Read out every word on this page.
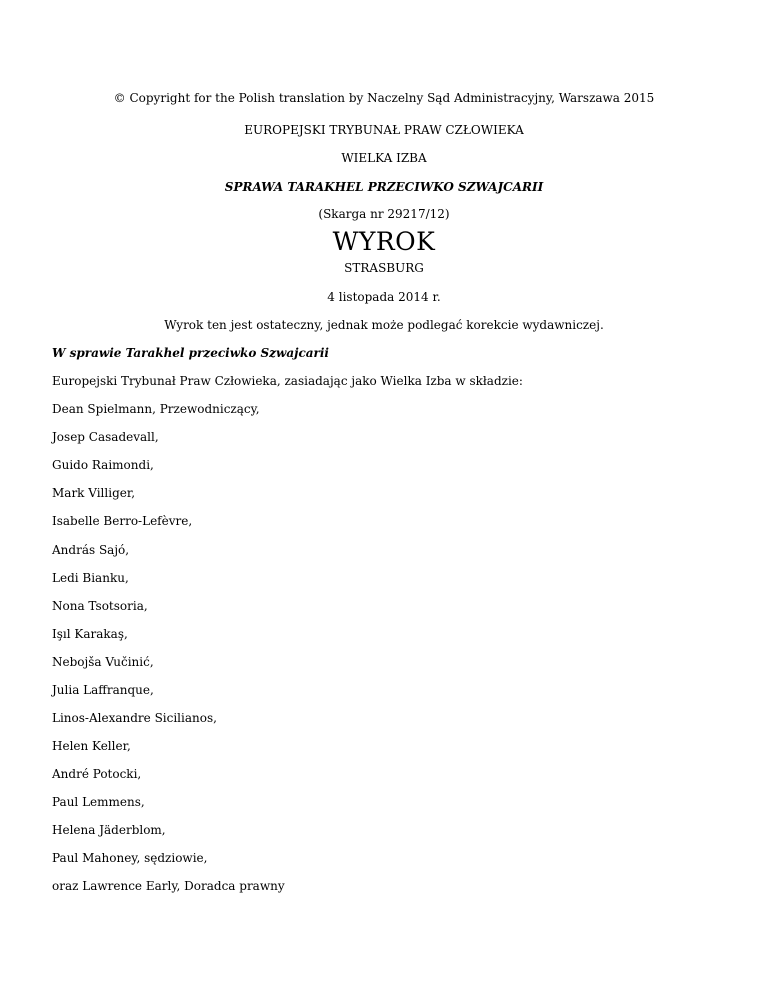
© Copyright for the Polish translation by Naczelny Sąd Administracyjny, Warszawa 2015
EUROPEJSKI TRYBUNAŁ PRAW CZŁOWIEKA
WIELKA IZBA
SPRAWA TARAKHEL PRZECIWKO SZWAJCARII
(Skarga nr 29217/12)
WYROK
STRASBURG
4 listopada 2014 r.
Wyrok ten jest ostateczny, jednak może podlegać korekcie wydawniczej.
W sprawie Tarakhel przeciwko Szwajcarii
Europejski Trybunał Praw Człowieka, zasiadając jako Wielka Izba w składzie:
Dean Spielmann, Przewodniczący,
Josep Casadevall,
Guido Raimondi,
Mark Villiger,
Isabelle Berro-Lefèvre,
András Sajó,
Ledi Bianku,
Nona Tsotsoria,
Işıl Karakaş,
Nebojša Vučinić,
Julia Laffranque,
Linos-Alexandre Sicilianos,
Helen Keller,
André Potocki,
Paul Lemmens,
Helena Jäderblom,
Paul Mahoney, sędziowie,
oraz Lawrence Early, Doradca prawny
